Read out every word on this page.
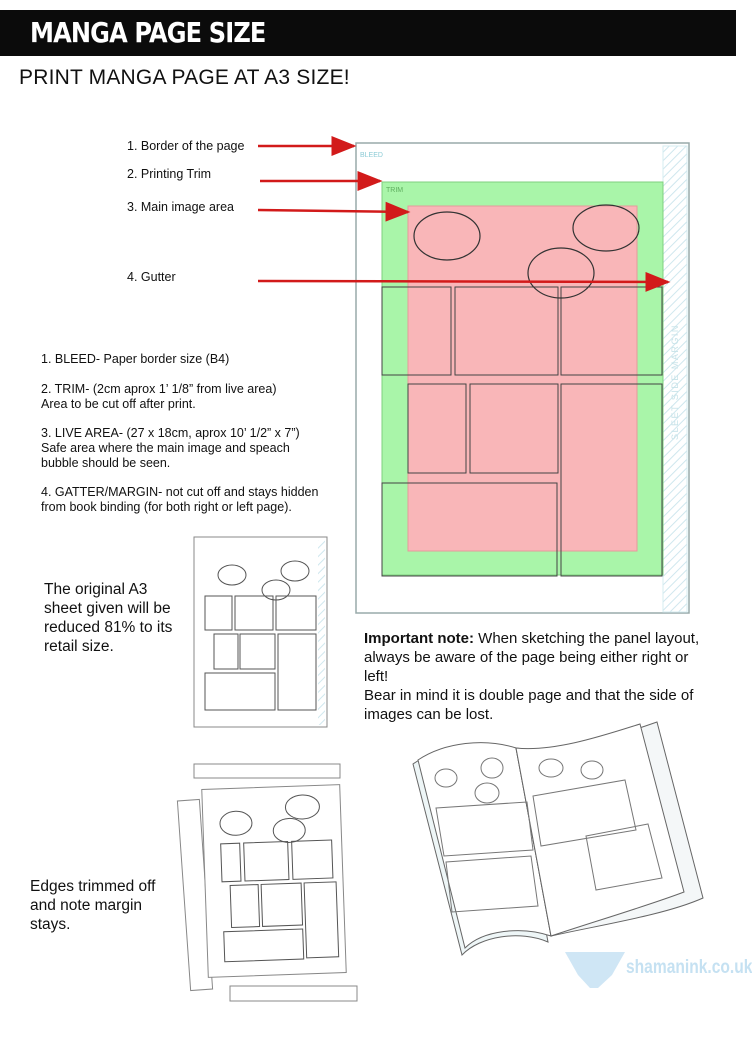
MANGA PAGE SIZE
PRINT MANGA PAGE AT A3 SIZE!
1. Border of the page
2. Printing Trim
3. Main image area
4. Gutter
BLEED
TRIM
SLEET SIDE MARGIN
1. BLEED- Paper border size (B4)
2. TRIM- (2cm aprox 1’ 1/8” from live area)
Area to be cut off after print.
3. LIVE AREA- (27 x 18cm, aprox 10’ 1/2” x 7”)
Safe area where the main image and speach
bubble should be seen.
4. GATTER/MARGIN- not cut off and stays hidden
from book binding (for both right or left page).
The original A3
sheet given will be
reduced 81% to its
retail size.	Important note: When sketching the panel layout, always be aware of the page being either right or left!
Bear in mind it is double page and that the side of images can be lost.
Edges trimmed off
and note margin
stays.
shamanink.co.uk
